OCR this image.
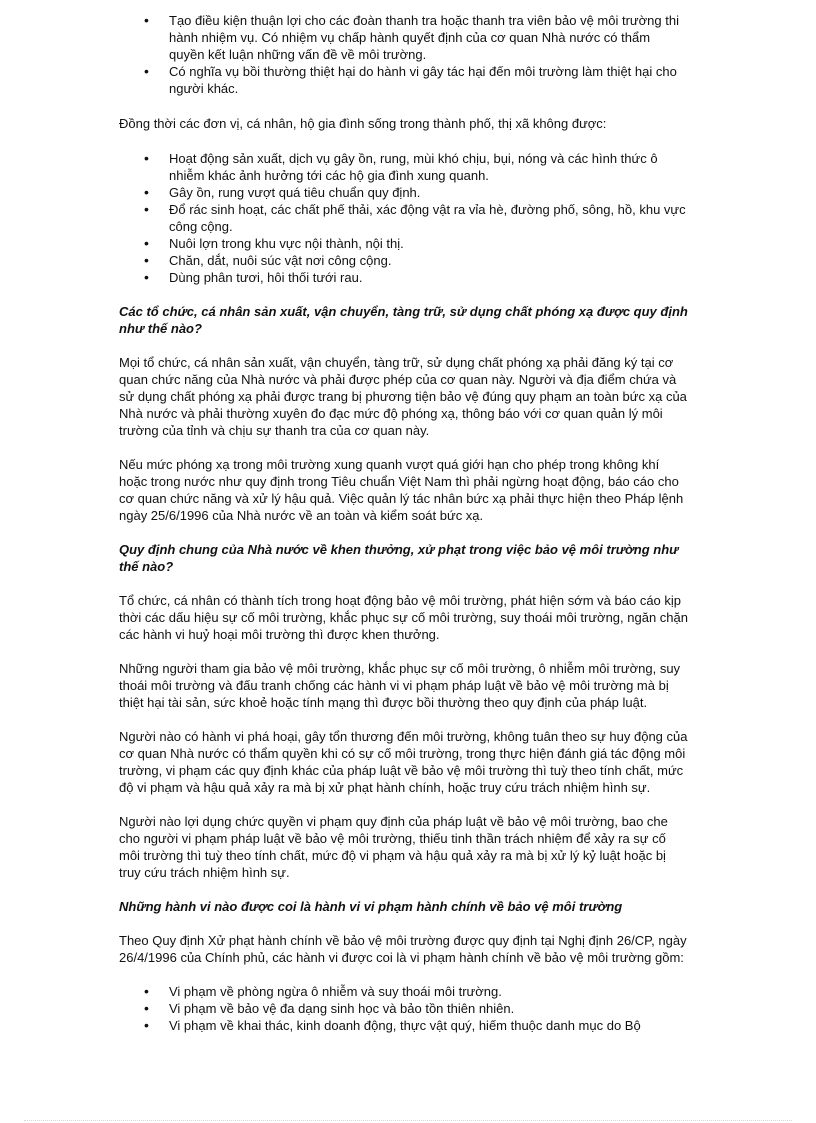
• Tạo điều kiện thuận lợi cho các đoàn thanh tra hoặc thanh tra viên bảo vệ môi trường thi hành nhiệm vụ. Có nhiệm vụ chấp hành quyết định của cơ quan Nhà nước có thẩm quyền kết luận những vấn đề về môi trường.
• Có nghĩa vụ bồi thường thiệt hại do hành vi gây tác hại đến môi trường làm thiệt hại cho người khác.

Đồng thời các đơn vị, cá nhân, hộ gia đình sống trong thành phố, thị xã không được:

• Hoạt động sản xuất, dịch vụ gây ồn, rung, mùi khó chịu, bụi, nóng và các hình thức ô nhiễm khác ảnh hưởng tới các hộ gia đình xung quanh.
• Gây ồn, rung vượt quá tiêu chuẩn quy định.
• Đổ rác sinh hoạt, các chất phế thải, xác động vật ra vỉa hè, đường phố, sông, hồ, khu vực công cộng.
• Nuôi lợn trong khu vực nội thành, nội thị.
• Chăn, dắt, nuôi súc vật nơi công cộng.
• Dùng phân tươi, hôi thối tưới rau.
Các tổ chức, cá nhân sản xuất, vận chuyển, tàng trữ, sử dụng chất phóng xạ được quy định như thế nào?

Mọi tổ chức, cá nhân sản xuất, vận chuyển, tàng trữ, sử dụng chất phóng xạ phải đăng ký tại cơ quan chức năng của Nhà nước và phải được phép của cơ quan này. Người và địa điểm chứa và sử dụng chất phóng xạ phải được trang bị phương tiện bảo vệ đúng quy phạm an toàn bức xạ của Nhà nước và phải thường xuyên đo đạc mức độ phóng xạ, thông báo với cơ quan quản lý môi trường của tỉnh và chịu sự thanh tra của cơ quan này.

Nếu mức phóng xạ trong môi trường xung quanh vượt quá giới hạn cho phép trong không khí hoặc trong nước như quy định trong Tiêu chuẩn Việt Nam thì phải ngừng hoạt động, báo cáo cho cơ quan chức năng và xử lý hậu quả. Việc quản lý tác nhân bức xạ phải thực hiện theo Pháp lệnh ngày 25/6/1996 của Nhà nước về an toàn và kiểm soát bức xạ.

Quy định chung của Nhà nước về khen thưởng, xử phạt trong việc bảo vệ môi trường như thế nào?

Tổ chức, cá nhân có thành tích trong hoạt động bảo vệ môi trường, phát hiện sớm và báo cáo kịp thời các dấu hiệu sự cố môi trường, khắc phục sự cố môi trường, suy thoái môi trường, ngăn chặn các hành vi huỷ hoại môi trường thì được khen thưởng.

Những người tham gia bảo vệ môi trường, khắc phục sự cố môi trường, ô nhiễm môi trường, suy thoái môi trường và đấu tranh chống các hành vi vi phạm pháp luật về bảo vệ môi trường mà bị thiệt hại tài sản, sức khoẻ hoặc tính mạng thì được bồi thường theo quy định của pháp luật.

Người nào có hành vi phá hoại, gây tổn thương đến môi trường, không tuân theo sự huy động của cơ quan Nhà nước có thẩm quyền khi có sự cố môi trường, trong thực hiện đánh giá tác động môi trường, vi phạm các quy định khác của pháp luật về bảo vệ môi trường thì tuỳ theo tính chất, mức độ vi phạm và hậu quả xảy ra mà bị xử phạt hành chính, hoặc truy cứu trách nhiệm hình sự.

Người nào lợi dụng chức quyền vi phạm quy định của pháp luật về bảo vệ môi trường, bao che cho người vi phạm pháp luật về bảo vệ môi trường, thiếu tinh thần trách nhiệm để xảy ra sự cố môi trường thì tuỳ theo tính chất, mức độ vi phạm và hậu quả xảy ra mà bị xử lý kỷ luật hoặc bị truy cứu trách nhiệm hình sự.

Những hành vi nào được coi là hành vi vi phạm hành chính về bảo vệ môi trường

Theo Quy định Xử phạt hành chính về bảo vệ môi trường được quy định tại Nghị định 26/CP, ngày 26/4/1996 của Chính phủ, các hành vi được coi là vi phạm hành chính về bảo vệ môi trường gồm:

• Vi phạm về phòng ngừa ô nhiễm và suy thoái môi trường.
• Vi phạm về bảo vệ đa dạng sinh học và bảo tồn thiên nhiên.
• Vi phạm về khai thác, kinh doanh động, thực vật quý, hiếm thuộc danh mục do Bộ
